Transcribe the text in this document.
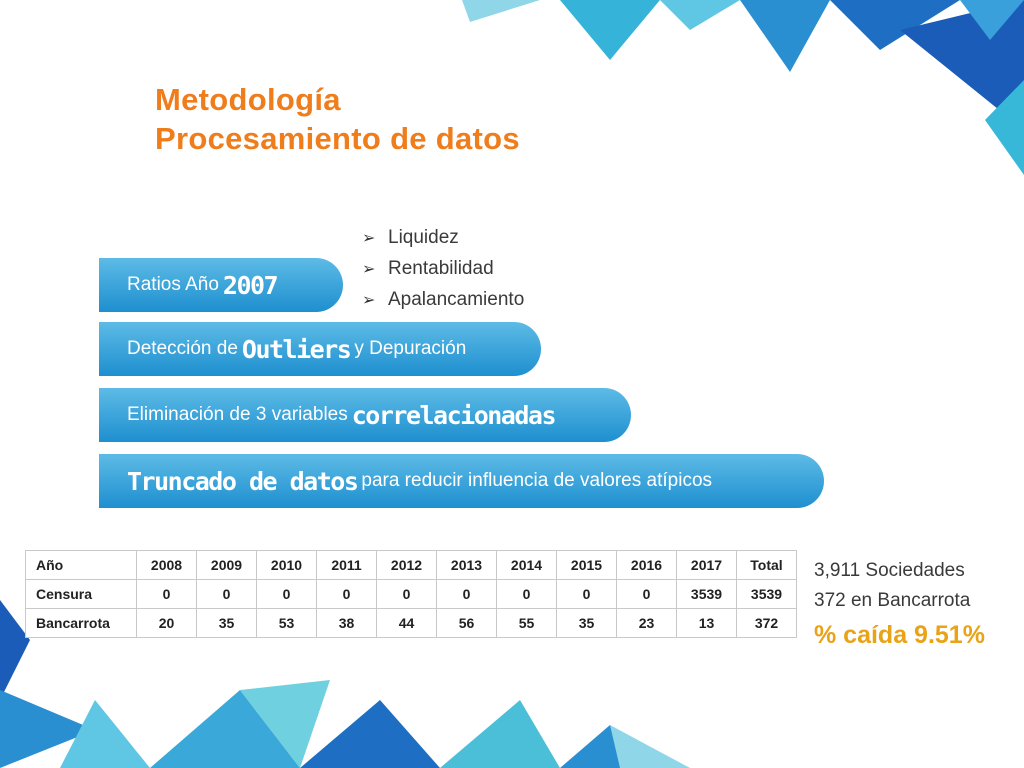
Metodología
Procesamiento de datos
➢ Liquidez
➢ Rentabilidad
➢ Apalancamiento
Ratios Año 2007
Detección de Outliers y Depuración
Eliminación de 3 variables correlacionadas
Truncado de datos para reducir influencia de valores atípicos
Año	2008	2009	2010	2011	2012	2013	2014	2015	2016	2017	Total
Censura	0	0	0	0	0	0	0	0	0	3539	3539
Bancarrota	20	35	53	38	44	56	55	35	23	13	372
3,911 Sociedades
372 en Bancarrota
% caída 9.51%
